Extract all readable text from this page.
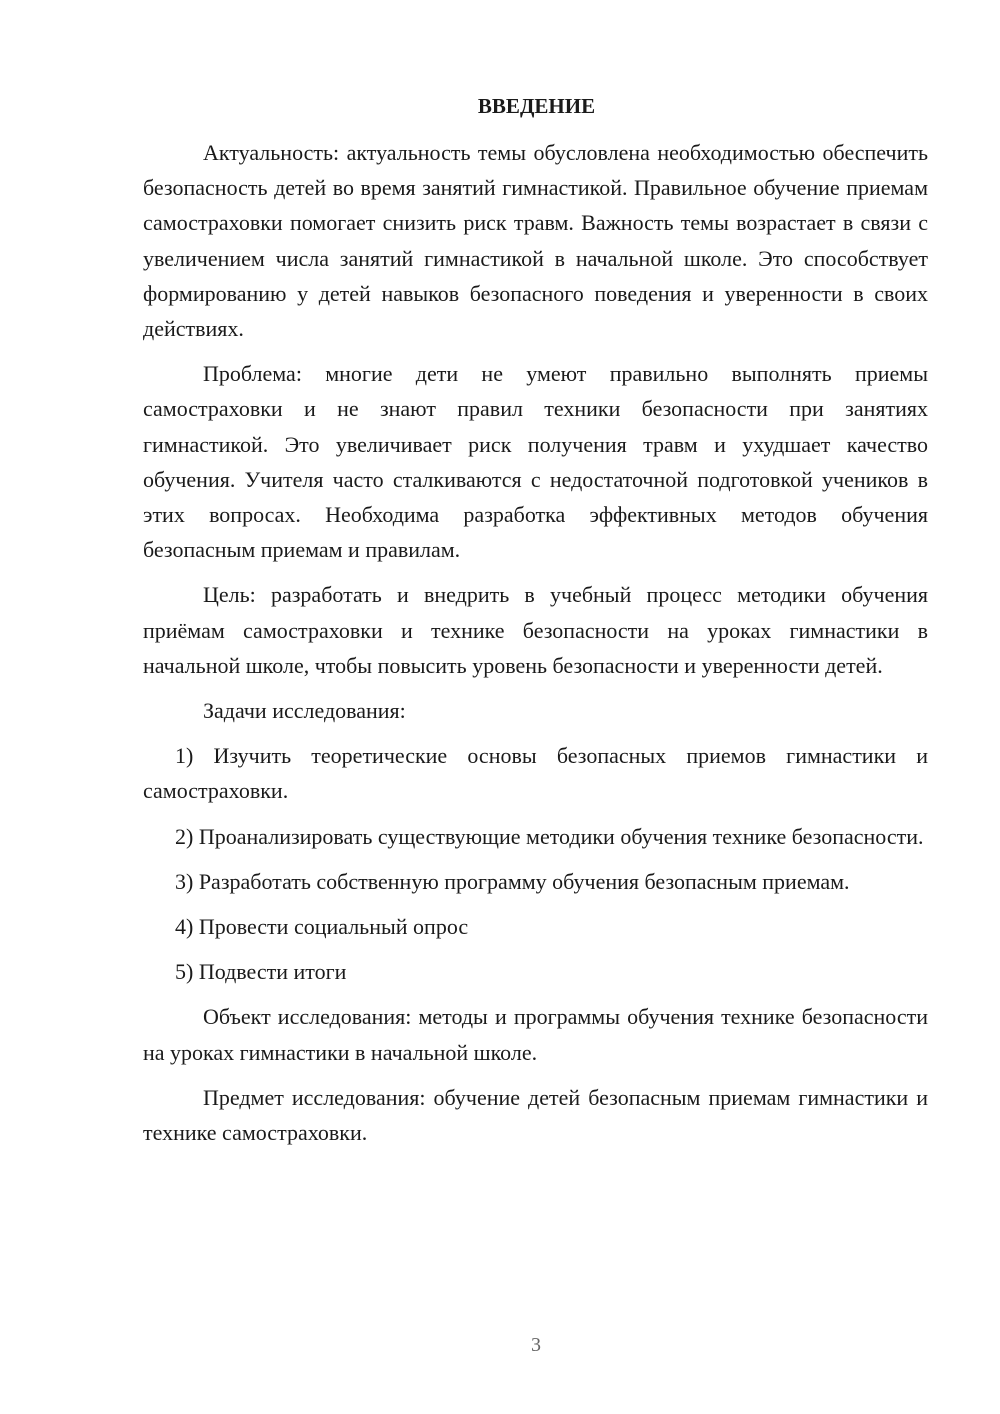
ВВЕДЕНИЕ

Актуальность: актуальность темы обусловлена необходимостью обеспечить безопасность детей во время занятий гимнастикой. Правильное обучение приемам самостраховки помогает снизить риск травм. Важность темы возрастает в связи с увеличением числа занятий гимнастикой в начальной школе. Это способствует формированию у детей навыков безопасного поведения и уверенности в своих действиях.

Проблема: многие дети не умеют правильно выполнять приемы самостраховки и не знают правил техники безопасности при занятиях гимнастикой. Это увеличивает риск получения травм и ухудшает качество обучения. Учителя часто сталкиваются с недостаточной подготовкой учеников в этих вопросах. Необходима разработка эффективных методов обучения безопасным приемам и правилам.

Цель: разработать и внедрить в учебный процесс методики обучения приёмам самостраховки и технике безопасности на уроках гимнастики в начальной школе, чтобы повысить уровень безопасности и уверенности детей.

Задачи исследования:

1) Изучить теоретические основы безопасных приемов гимнастики и самостраховки.

2) Проанализировать существующие методики обучения технике безопасности.

3) Разработать собственную программу обучения безопасным приемам.

4) Провести социальный опрос

5) Подвести итоги

Объект исследования: методы и программы обучения технике безопасности на уроках гимнастики в начальной школе.

Предмет исследования: обучение детей безопасным приемам гимнастики и технике самостраховки.

3
